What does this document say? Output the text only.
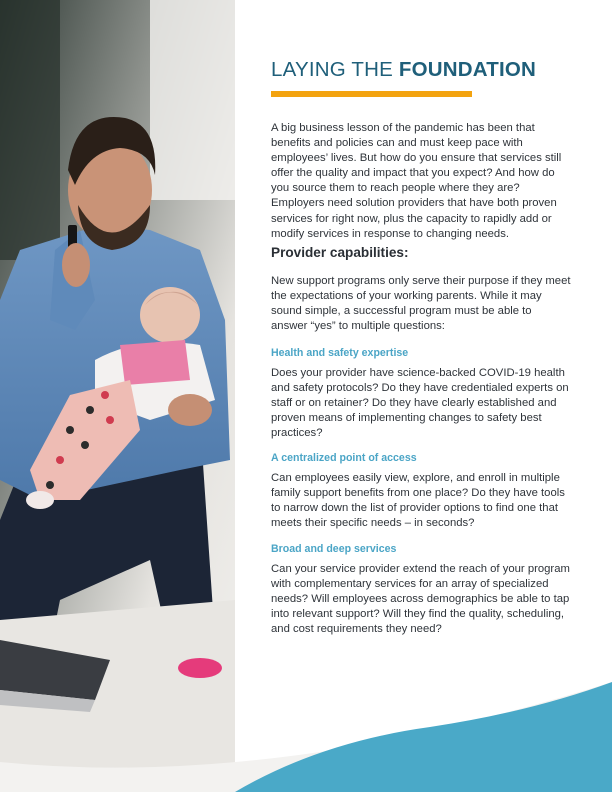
LAYING THE FOUNDATION

A big business lesson of the pandemic has been that benefits and policies can and must keep pace with employees’ lives. But how do you ensure that services still offer the quality and impact that you expect? And how do you source them to reach people where they are? Employers need solution providers that have both proven services for right now, plus the capacity to rapidly add or modify services in response to changing needs.

Provider capabilities:

New support programs only serve their purpose if they meet the expectations of your working parents. While it may sound simple, a successful program must be able to answer “yes” to multiple questions:

Health and safety expertise

Does your provider have science-backed COVID-19 health and safety protocols? Do they have credentialed experts on staff or on retainer? Do they have clearly established and proven means of implementing changes to safety best practices?

A centralized point of access

Can employees easily view, explore, and enroll in multiple family support benefits from one place? Do they have tools to narrow down the list of provider options to find one that meets their specific needs – in seconds?

Broad and deep services

Can your service provider extend the reach of your program with complementary services for an array of specialized needs? Will employees across demographics be able to tap into relevant support? Will they find the quality, scheduling, and cost requirements they need?
